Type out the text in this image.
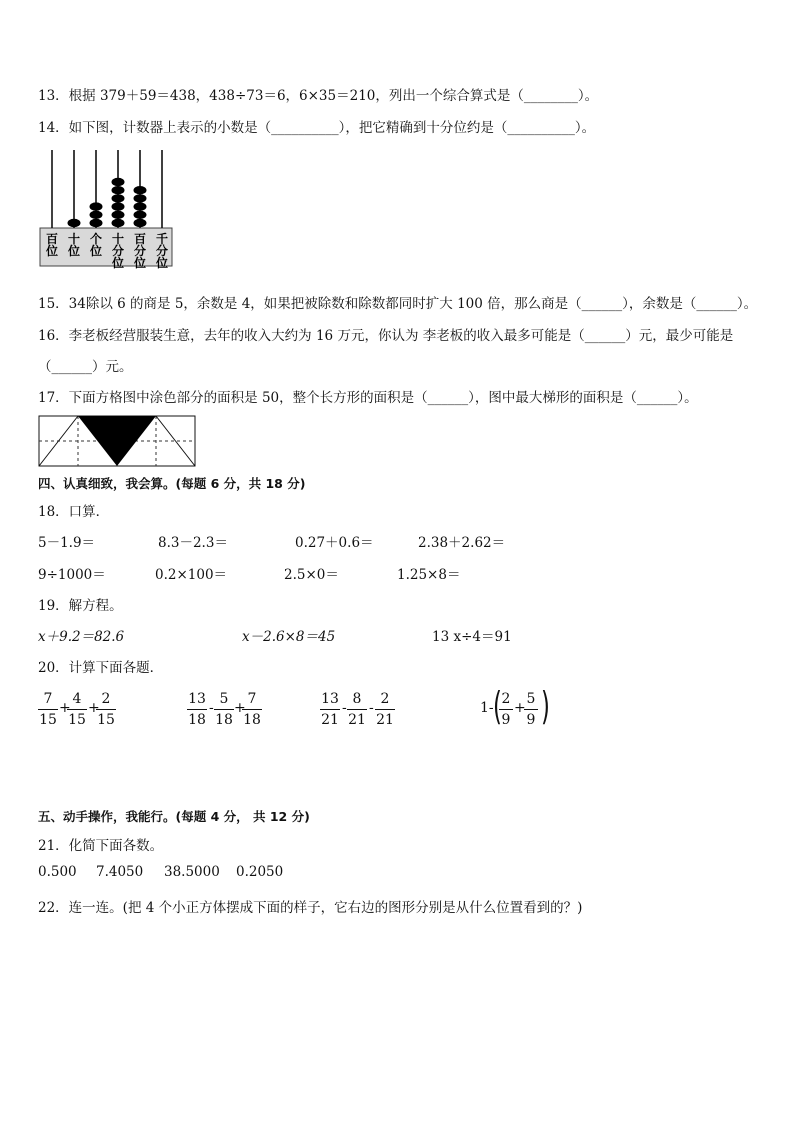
13．根据 379＋59＝438，438÷73＝6，6×35＝210，列出一个综合算式是（________）。
14．如下图，计数器上表示的小数是（__________），把它精确到十分位约是（__________）。
百
位
十
位
个
位
十
分
位
百
分
位
千
分
位
15．34除以 6 的商是 5，余数是 4，如果把被除数和除数都同时扩大 100 倍，那么商是（______），余数是（______）。
16．李老板经营服装生意，去年的收入大约为 16 万元，你认为 李老板的收入最多可能是（______）元，最少可能是
（______）元。
17．下面方格图中涂色部分的面积是 50，整个长方形的面积是（______），图中最大梯形的面积是（______）。
四、认真细致，我会算。(每题 6 分，共 18 分)
18．口算．
5－1.9＝	8.3－2.3＝	0.27＋0.6＝	2.38＋2.62＝
9÷1000＝	0.2×100＝	2.5×0＝	1.25×8＝
19．解方程。
x＋9.2＝82.6	x－2.6×8＝45	13 x÷4＝91
20．计算下面各题．
7
15
+
4
15
+
2
15
13
18
-
5
18
+
7
18
13
21
-
8
21
-
2
21
1- ( 2
9
+
5
9 )
五、动手操作，我能行。(每题 4 分， 共 12 分)
21．化简下面各数。
0.500 7.4050 38.5000 0.2050
22．连一连。(把 4 个小正方体摆成下面的样子，它右边的图形分别是从什么位置看到的？)
